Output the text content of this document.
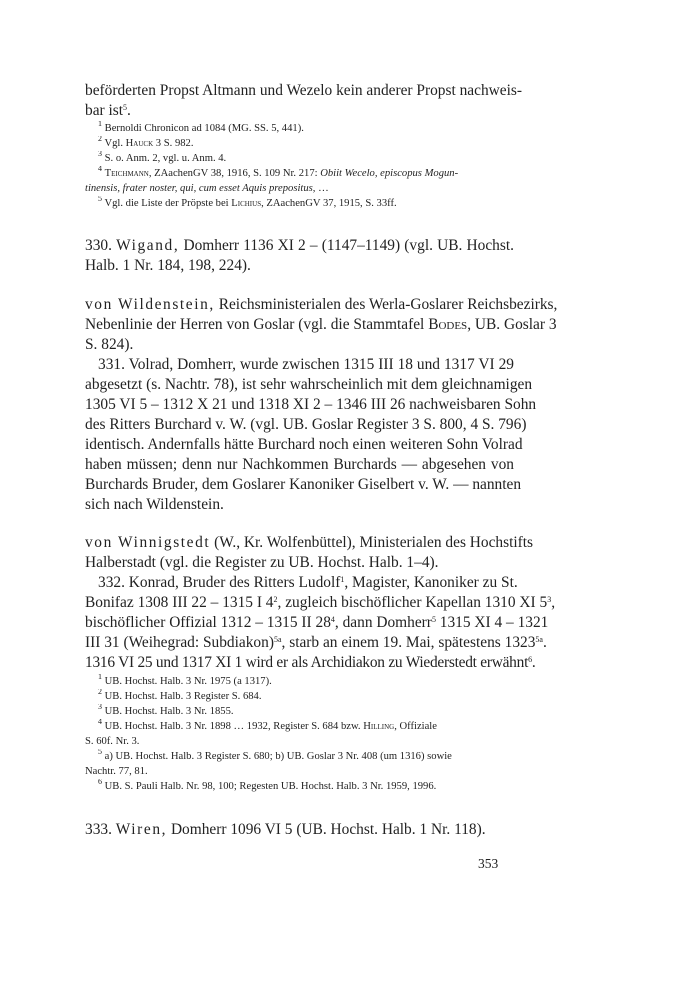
beförderten Propst Altmann und Wezelo kein anderer Propst nachweis-
bar ist$^5$.
$^1$ Bernoldi Chronicon ad 1084 (MG. SS. 5, 441).
$^2$ Vgl. Hauck 3 S. 982.
$^3$ S. o. Anm. 2, vgl. u. Anm. 4.
$^4$ Teichmann, ZAachenGV 38, 1916, S. 109 Nr. 217: Obiit Wecelo, episcopus Mogun-
tinensis, frater noster, qui, cum esset Aquis prepositus, …
$^5$ Vgl. die Liste der Pröpste bei Lichius, ZAachenGV 37, 1915, S. 33ff.
330. Wigand, Domherr 1136 XI 2 – (1147–1149) (vgl. UB. Hochst.
Halb. 1 Nr. 184, 198, 224).
von Wildenstein, Reichsministerialen des Werla-Goslarer Reichsbezirks,
Nebenlinie der Herren von Goslar (vgl. die Stammtafel Bodes, UB. Goslar 3
S. 824).
331. Volrad, Domherr, wurde zwischen 1315 III 18 und 1317 VI 29
abgesetzt (s. Nachtr. 78), ist sehr wahrscheinlich mit dem gleichnamigen
1305 VI 5 – 1312 X 21 und 1318 XI 2 – 1346 III 26 nachweisbaren Sohn
des Ritters Burchard v. W. (vgl. UB. Goslar Register 3 S. 800, 4 S. 796)
identisch. Andernfalls hätte Burchard noch einen weiteren Sohn Volrad
haben müssen; denn nur Nachkommen Burchards — abgesehen von
Burchards Bruder, dem Goslarer Kanoniker Giselbert v. W. — nannten
sich nach Wildenstein.
von Winnigstedt (W., Kr. Wolfenbüttel), Ministerialen des Hochstifts
Halberstadt (vgl. die Register zu UB. Hochst. Halb. 1–4).
332. Konrad, Bruder des Ritters Ludolf$^1$, Magister, Kanoniker zu St.
Bonifaz 1308 III 22 – 1315 I $4^2$, zugleich bischöflicher Kapellan 1310 XI $5^3$,
bischöflicher Offizial 1312 – 1315 II $28^4$, dann Domherr$^5$ 1315 XI 4 – 1321
III 31 (Weihegrad: Subdiakon)$^{5a}$, starb an einem 19. Mai, spätestens $1323^{5a}$.
1316 VI 25 und 1317 XI 1 wird er als Archidiakon zu Wiederstedt erwähnt$^6$.
$^1$ UB. Hochst. Halb. 3 Nr. 1975 (a 1317).
$^2$ UB. Hochst. Halb. 3 Register S. 684.
$^3$ UB. Hochst. Halb. 3 Nr. 1855.
$^4$ UB. Hochst. Halb. 3 Nr. 1898 … 1932, Register S. 684 bzw. Hilling, Offiziale
S. 60f. Nr. 3.
$^5$ a) UB. Hochst. Halb. 3 Register S. 680; b) UB. Goslar 3 Nr. 408 (um 1316) sowie
Nachtr. 77, 81.
$^6$ UB. S. Pauli Halb. Nr. 98, 100; Regesten UB. Hochst. Halb. 3 Nr. 1959, 1996.
333. Wiren, Domherr 1096 VI 5 (UB. Hochst. Halb. 1 Nr. 118).
353
